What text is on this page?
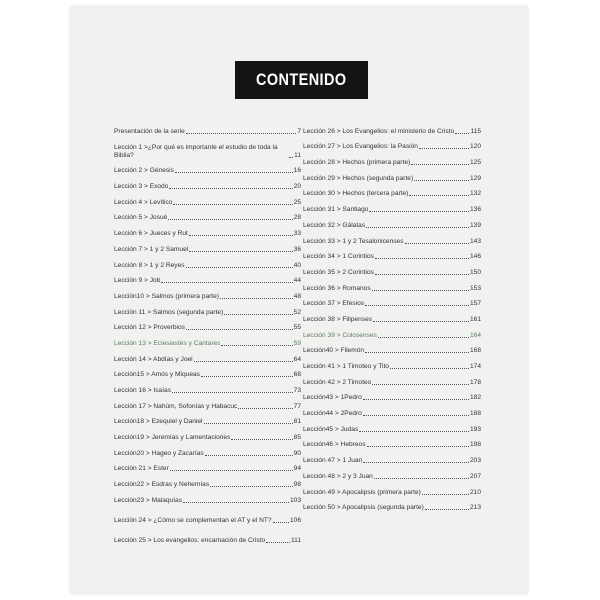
CONTENIDO
Presentación de la serie	7
Lección 1 >¿Por qué es importante el estudio de toda la Biblia?	11
Lección 2 > Génesis	16
Lección 3 > Éxodo	20
Lección 4 > Levítico	25
Lección 5 > Josué	28
Lección 6 > Jueces y Rut	33
Lección 7 > 1 y 2 Samuel	36
Lección 8 > 1 y 2 Reyes	40
Lección 9 > Job	44
Lección10 > Salmos (primera parte)	48
Lección 11 > Salmos (segunda parte)	52
Lección 12 > Proverbios	55
Lección 13 > Eclesiastés y Cantares	59
Lección 14 > Abdías y Joel	64
Lección15 > Amós y Miqueas	68
Lección 16 > Isaías	73
Lección 17 > Nahúm, Sofonías y Habacuc	77
Lección18 > Ezequiel y Daniel	81
Lección19 > Jeremías y Lamentaciones	85
Lección20 > Hageo y Zacarías	90
Lección 21 > Ester	94
Lección22 > Esdras y Nehemías	98
Lección23 > Malaquías	103
Lección 24 > ¿Cómo se complementan el AT y el NT?	106
Lección 25 > Los evangelios: encarnación de Cristo	111
Lección 26 > Los Evangelios: el ministerio de Cristo 115
Lección 27 > Los Evangelios: la Pasión	120
Lección 28 > Hechos (primera parte)	125
Lección 29 > Hechos (segunda parte)	129
Lección 30 > Hechos (tercera parte)	132
Lección 31 > Santiago	136
Lección 32 > Gálatas	139
Lección 33 > 1 y 2 Tesalonicenses	143
Lección 34 > 1 Corintios	146
Lección 35 > 2 Corintios	150
Lección 36 > Romanos	153
Lección 37 > Efesios	157
Lección 38 > Filipenses	161
Lección 39 > Colosenses	164
Lección40 > Filemón	168
Lección 41 > 1 Timoteo y Tito	174
Lección 42 > 2 Timoteo	178
Lección43 > 1Pedro	182
Lección44 > 2Pedro	188
Lección45 > Judas	193
Lección46 > Hebreos	198
Lección 47 > 1 Juan	203
Lección 48 > 2 y 3 Juan	207
Lección 49 > Apocalipsis (primera parte)	210
Lección 50 > Apocalipsis (segunda parte)	213
